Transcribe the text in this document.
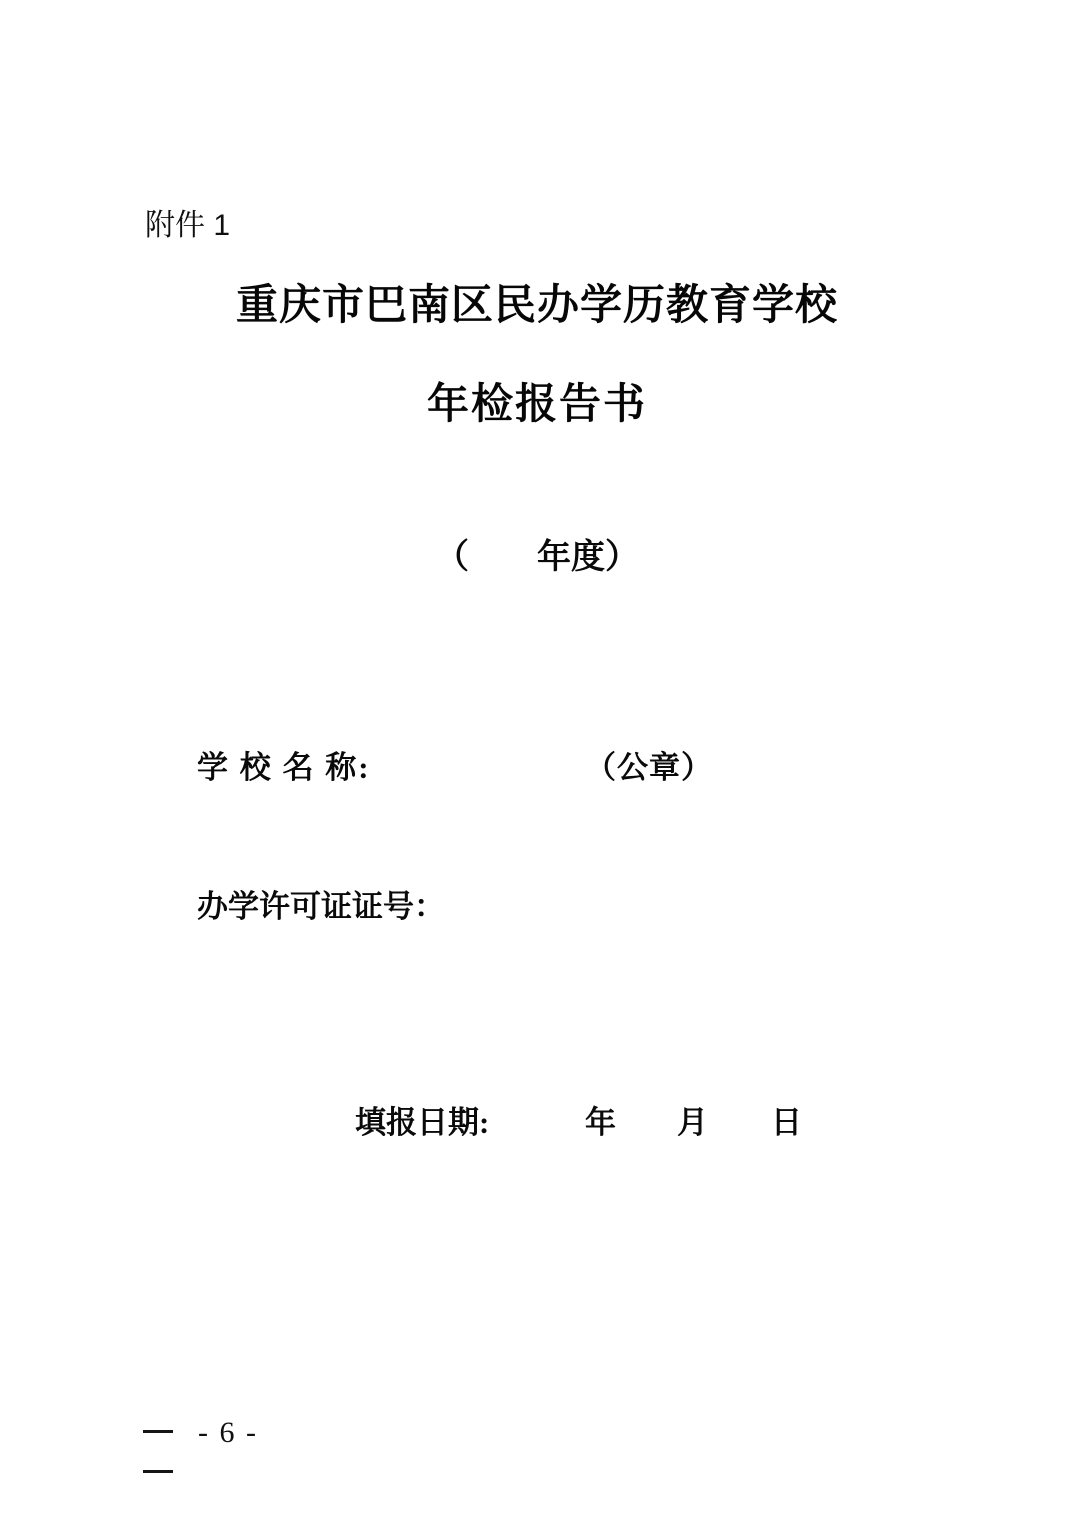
附件 1
重庆市巴南区民办学历教育学校
年检报告书
（　　年度）
学 校 名 称:	（公章）
办学许可证证号：
填报日期:	年 月 日
- 6 -
